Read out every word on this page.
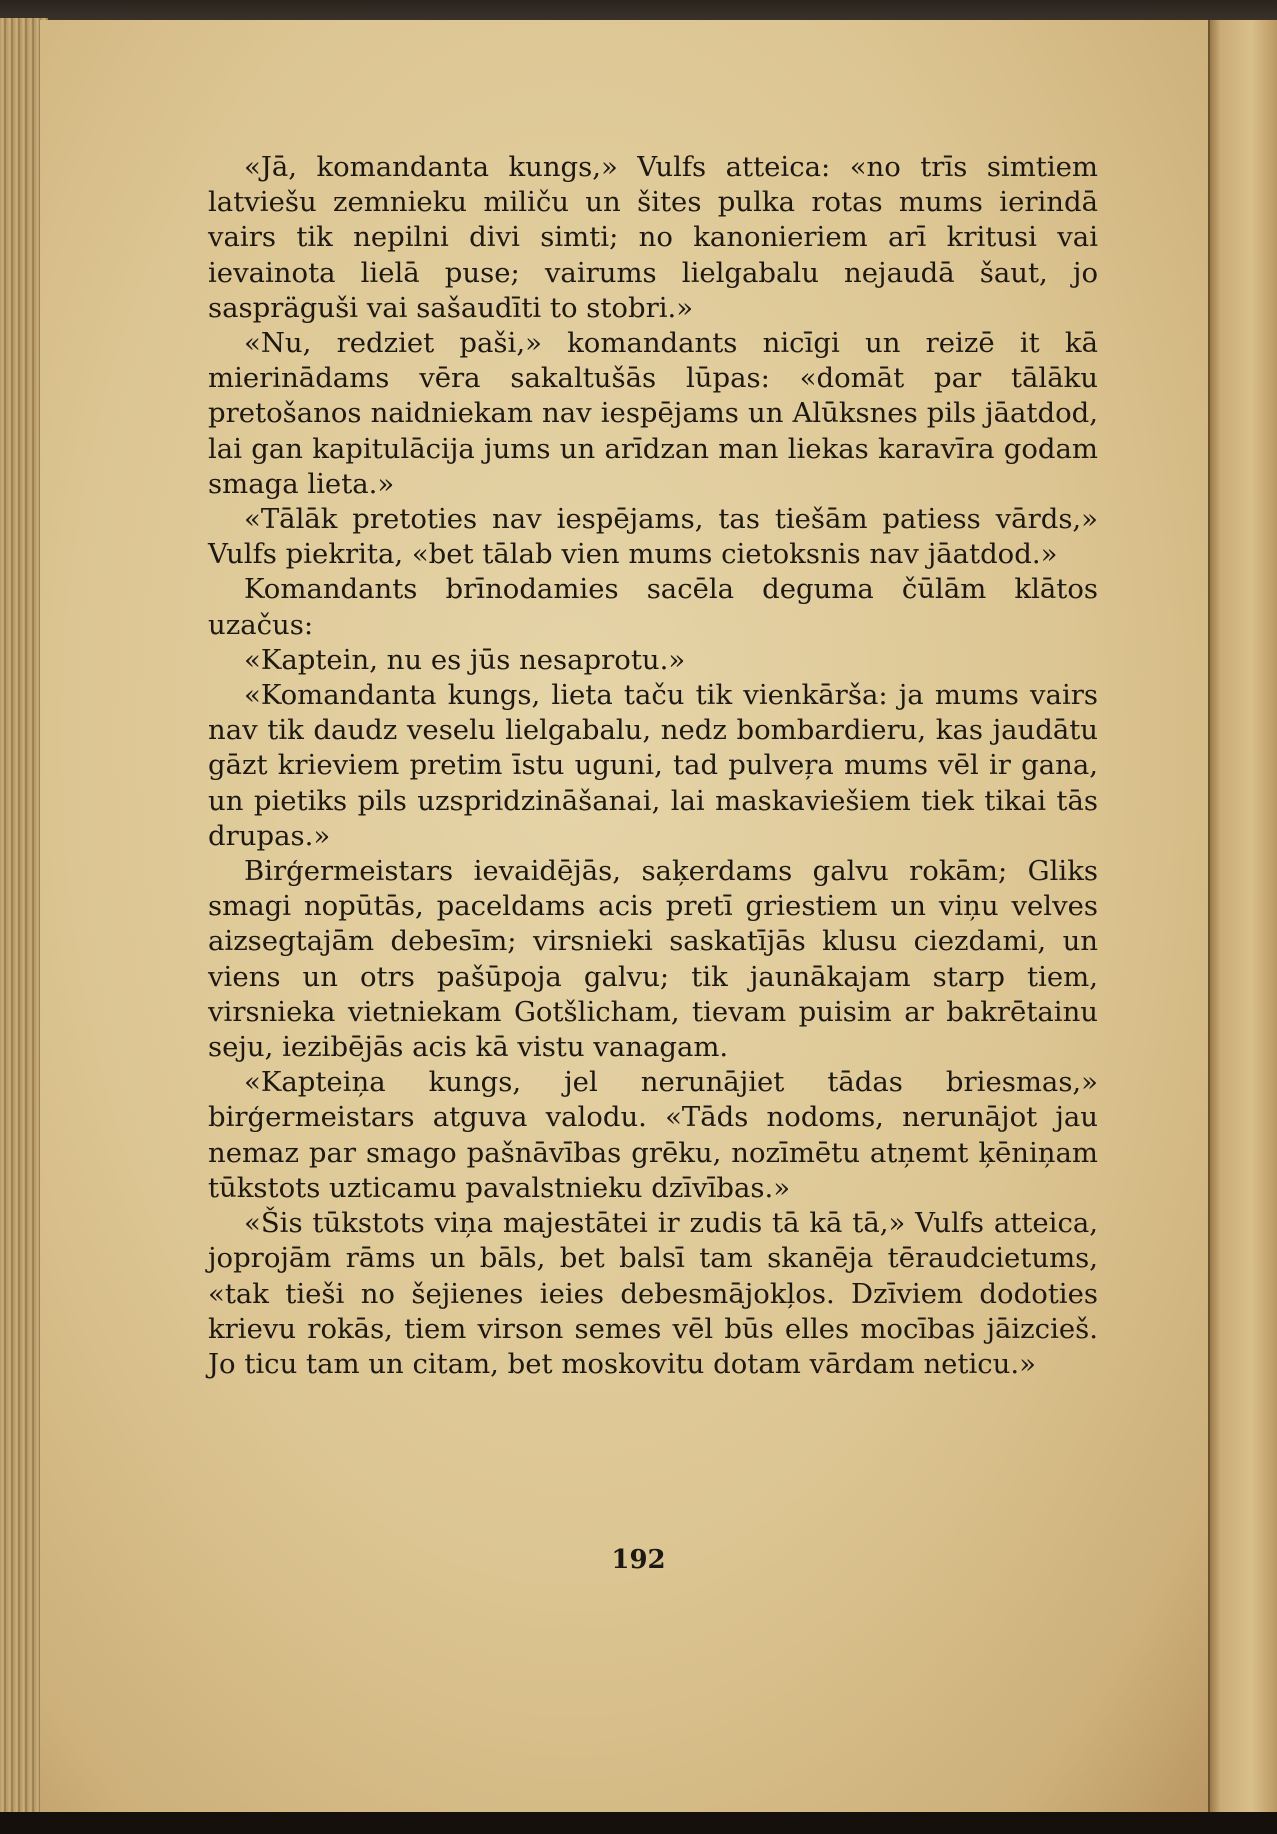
«Jā, komandanta kungs,» Vulfs atteica: «no trīs simtiem latviešu zemnieku miliču un šites pulka rotas mums ierindā vairs tik nepilni divi simti; no kanonieriem arī kritusi vai ievainota lielā puse; vairums lielgabalu nejaudā šaut, jo saspräguši vai sašaudīti to stobri.»

«Nu, redziet paši,» komandants nicīgi un reizē it kā mierinādams vēra sakaltušās lūpas: «domāt par tālāku pretošanos naidniekam nav iespējams un Alūksnes pils jāatdod, lai gan kapitulācija jums un arīdzan man liekas karavīra godam smaga lieta.»

«Tālāk pretoties nav iespējams, tas tiešām patiess vārds,» Vulfs piekrita, «bet tālab vien mums cietoksnis nav jāatdod.»

Komandants brīnodamies sacēla deguma čūlām klātos uzačus:

«Kaptein, nu es jūs nesaprotu.»

«Komandanta kungs, lieta taču tik vienkārša: ja mums vairs nav tik daudz veselu lielgabalu, nedz bombardieru, kas jaudātu gāzt krieviem pretim īstu uguni, tad pulveŗa mums vēl ir gana, un pietiks pils uzspridzināšanai, lai maskaviešiem tiek tikai tās drupas.»

Birģermeistars ievaidējās, saķerdams galvu rokām; Gliks smagi nopūtās, paceldams acis pretī griestiem un viņu velves aizsegtajām debesīm; virsnieki saskatījās klusu ciezdami, un viens un otrs pašūpoja galvu; tik jaunākajam starp tiem, virsnieka vietniekam Gotšlicham, tievam puisim ar bakrētainu seju, iezibējās acis kā vistu vanagam.

«Kapteiņa kungs, jel nerunājiet tādas briesmas,» birģermeistars atguva valodu. «Tāds nodoms, nerunājot jau nemaz par smago pašnāvības grēku, nozīmētu atņemt ķēniņam tūkstots uzticamu pavalstnieku dzīvības.»

«Šis tūkstots viņa majestātei ir zudis tā kā tā,» Vulfs atteica, joprojām rāms un bāls, bet balsī tam skanēja tēraudcietums, «tak tieši no šejienes ieies debesmājokļos. Dzīviem dodoties krievu rokās, tiem virson semes vēl būs elles mocības jāizcieš. Jo ticu tam un citam, bet moskovitu dotam vārdam neticu.»

192
